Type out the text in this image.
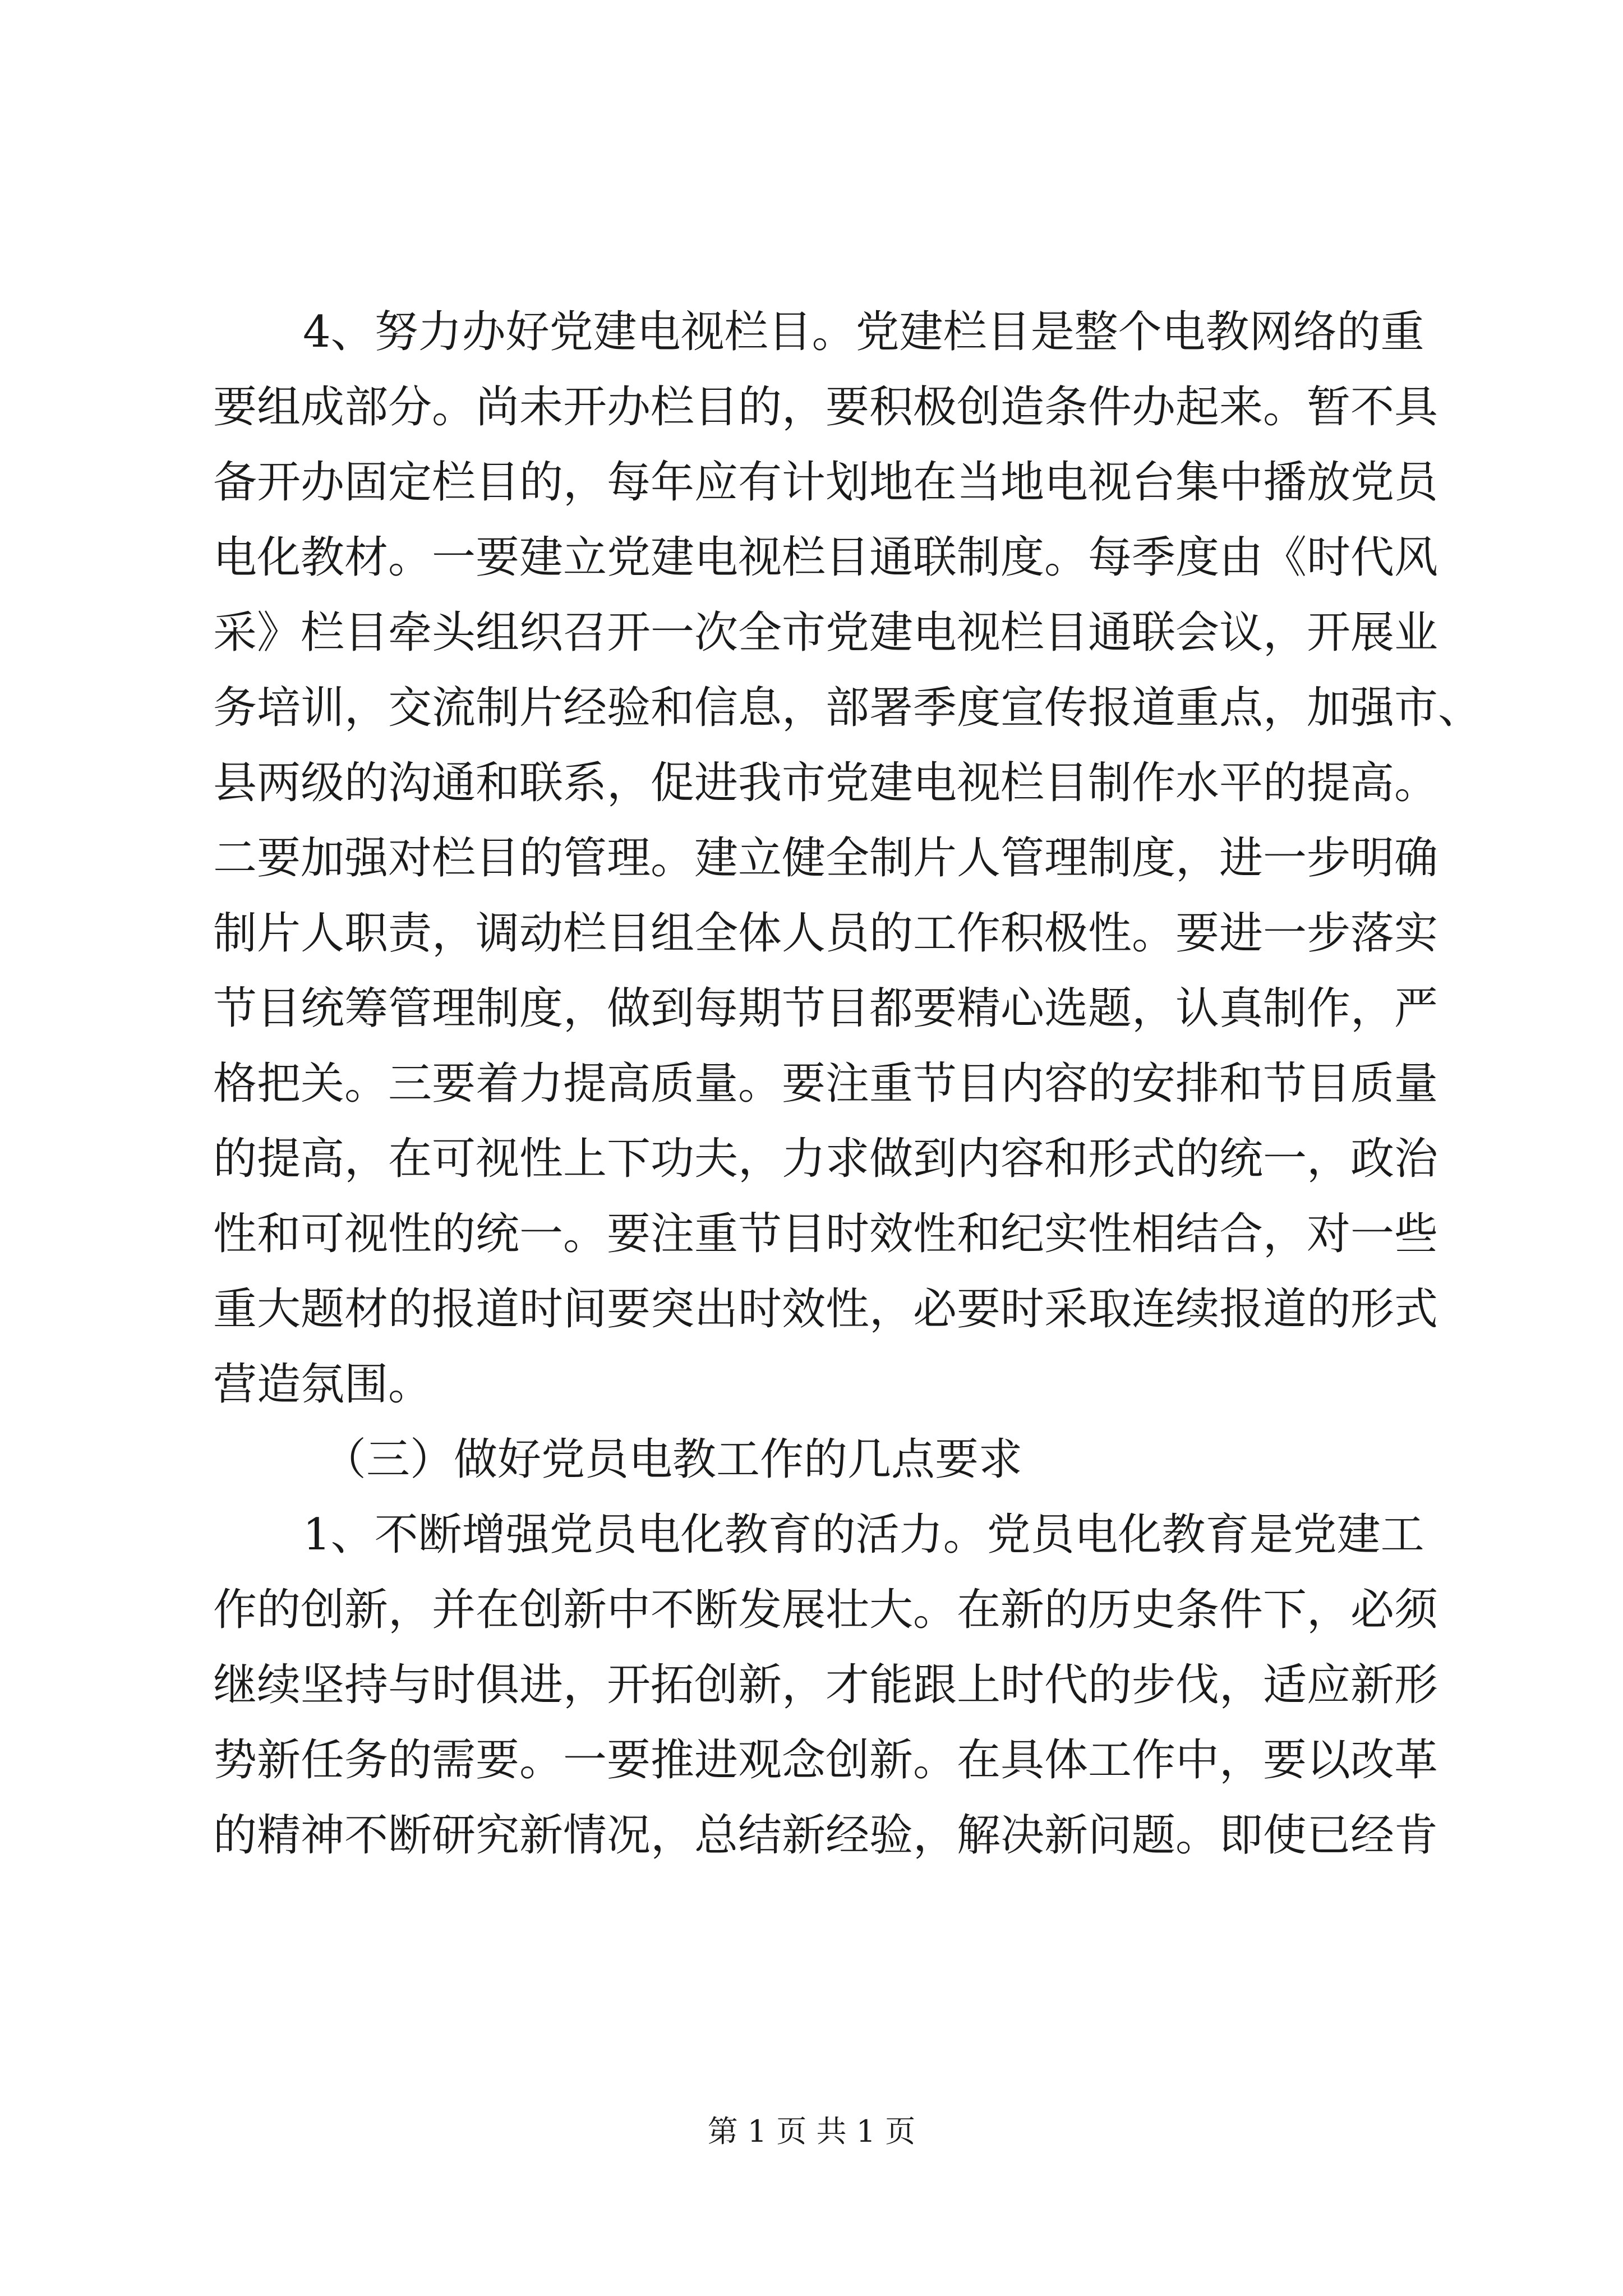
4、努力办好党建电视栏目。党建栏目是整个电教网络的重
要组成部分。尚未开办栏目的，要积极创造条件办起来。暂不具
备开办固定栏目的，每年应有计划地在当地电视台集中播放党员
电化教材。一要建立党建电视栏目通联制度。每季度由《时代风
采》栏目牵头组织召开一次全市党建电视栏目通联会议，开展业
务培训，交流制片经验和信息，部署季度宣传报道重点，加强市、
县两级的沟通和联系，促进我市党建电视栏目制作水平的提高。
二要加强对栏目的管理。建立健全制片人管理制度，进一步明确
制片人职责，调动栏目组全体人员的工作积极性。要进一步落实
节目统筹管理制度，做到每期节目都要精心选题，认真制作，严
格把关。三要着力提高质量。要注重节目内容的安排和节目质量
的提高，在可视性上下功夫，力求做到内容和形式的统一，政治
性和可视性的统一。要注重节目时效性和纪实性相结合，对一些
重大题材的报道时间要突出时效性，必要时采取连续报道的形式
营造氛围。
（三）做好党员电教工作的几点要求
1、不断增强党员电化教育的活力。党员电化教育是党建工
作的创新，并在创新中不断发展壮大。在新的历史条件下，必须
继续坚持与时俱进，开拓创新，才能跟上时代的步伐，适应新形
势新任务的需要。一要推进观念创新。在具体工作中，要以改革
的精神不断研究新情况，总结新经验，解决新问题。即使已经肯
第 1 页 共 1 页
